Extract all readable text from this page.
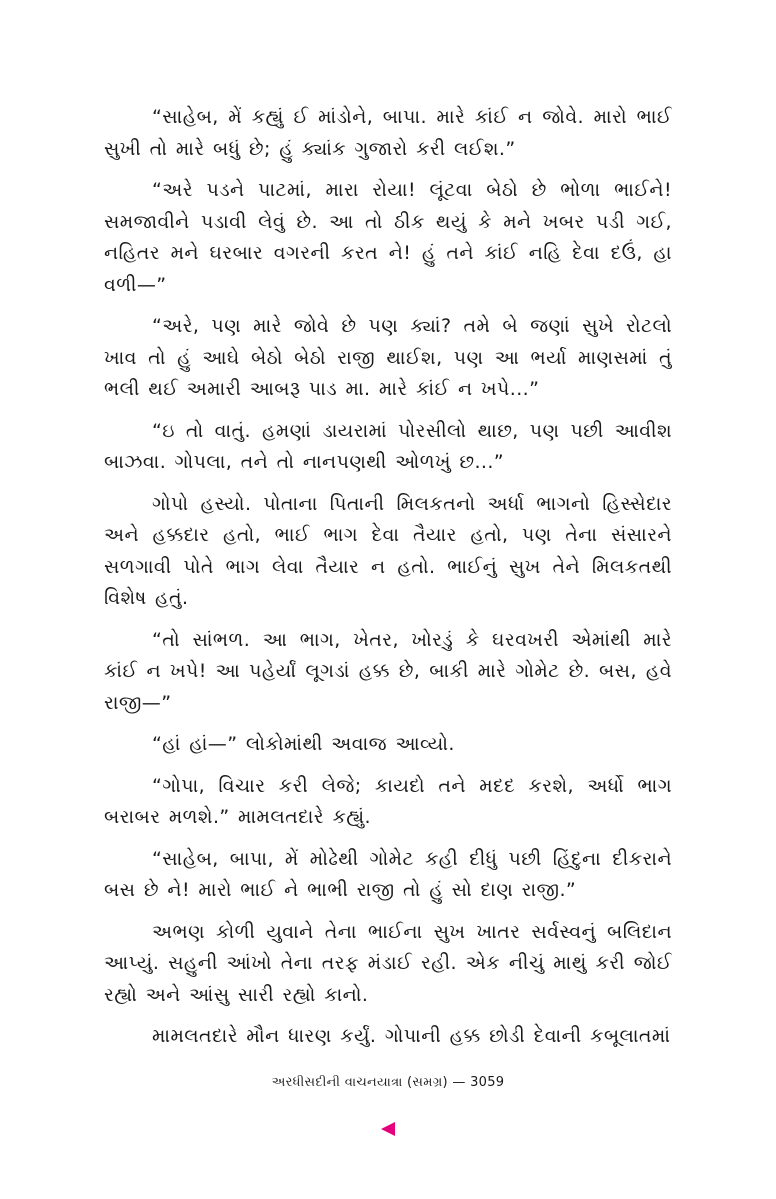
“સાહેબ, મેં કહ્યું ઈ માંડોને, બાપા. મારે કાંઈ ન જોવે. મારો ભાઈ સુખી તો મારે બધું છે; હું ક્યાંક ગુજારો કરી લઈશ.”

“અરે પડને પાટમાં, મારા રોયા! લૂંટવા બેઠો છે ભોળા ભાઈને! સમજાવીને પડાવી લેવું છે. આ તો ઠીક થયું કે મને ખબર પડી ગઈ, નહિતર મને ઘરબાર વગરની કરત ને! હું તને કાંઈ નહિ દેવા દઉં, હા વળી—”

“અરે, પણ મારે જોવે છે પણ ક્યાં? તમે બે જણાં સુખે રોટલો ખાવ તો હું આઘે બેઠો બેઠો રાજી થાઈશ, પણ આ ભર્યા માણસમાં તું ભલી થઈ અમારી આબરૂ પાડ મા. મારે કાંઈ ન ખપે...”

“ઇ તો વાતું. હમણાં ડાયરામાં પોરસીલો થાછ, પણ પછી આવીશ બાઝવા. ગોપલા, તને તો નાનપણથી ઓળખું છ...”

ગોપો હસ્યો. પોતાના પિતાની મિલકતનો અર્ધા ભાગનો હિસ્સેદાર અને હક્કદાર હતો, ભાઈ ભાગ દેવા તૈયાર હતો, પણ તેના સંસારને સળગાવી પોતે ભાગ લેવા તૈયાર ન હતો. ભાઈનું સુખ તેને મિલકતથી વિશેષ હતું.

“તો સાંભળ. આ ભાગ, ખેતર, ખોરડું કે ઘરવખરી એમાંથી મારે કાંઈ ન ખપે! આ પહેર્યાં લૂગડાં હક્ક છે, બાકી મારે ગોમેટ છે. બસ, હવે રાજી—”

“હાં હાં—” લોકોમાંથી અવાજ આવ્યો.

“ગોપા, વિચાર કરી લેજે; કાયદો તને મદદ કરશે, અર્ધો ભાગ બરાબર મળશે.” મામલતદારે કહ્યું.

“સાહેબ, બાપા, મેં મોઢેથી ગોમેટ કહી દીધું પછી હિંદુના દીકરાને બસ છે ને! મારો ભાઈ ને ભાભી રાજી તો હું સો દાણ રાજી.”

અભણ કોળી યુવાને તેના ભાઈના સુખ ખાતર સર્વસ્વનું બલિદાન આપ્યું. સહુની આંખો તેના તરફ મંડાઈ રહી. એક નીચું માથું કરી જોઈ રહ્યો અને આંસુ સારી રહ્યો કાનો.

મામલતદારે મૌન ધારણ કર્યું. ગોપાની હક્ક છોડી દેવાની કબૂલાતમાં

અરધીસદીની વાચનયાત્રા (સમગ્ર) — 3059
